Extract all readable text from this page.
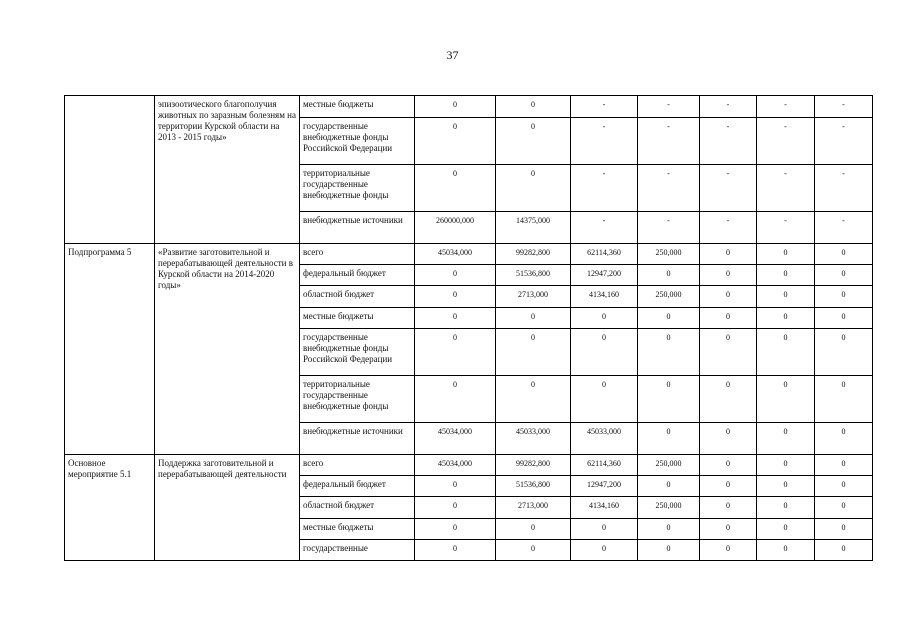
37
	эпизоотического благополучия животных по заразным болезням на территории Курской области на 2013 - 2015 годы»	местные бюджеты	0	0	-	-	-	-	-
		государственные внебюджетные фонды Российской Федерации	0	0	-	-	-	-	-
		территориальные государственные внебюджетные фонды	0	0	-	-	-	-	-
		внебюджетные источники	260000,000	14375,000	-	-	-	-	-
Подпрограмма 5	«Развитие заготовительной и перерабатывающей деятельности в Курской области на 2014-2020 годы»	всего	45034,000	99282,800	62114,360	250,000	0	0	0
		федеральный бюджет	0	51536,800	12947,200	0	0	0	0
		областной бюджет	0	2713,000	4134,160	250,000	0	0	0
		местные бюджеты	0	0	0	0	0	0	0
		государственные внебюджетные фонды Российской Федерации	0	0	0	0	0	0	0
		территориальные государственные внебюджетные фонды	0	0	0	0	0	0	0
		внебюджетные источники	45034,000	45033,000	45033,000	0	0	0	0
Основное мероприятие 5.1	Поддержка заготовительной и перерабатывающей деятельности	всего	45034,000	99282,800	62114,360	250,000	0	0	0
		федеральный бюджет	0	51536,800	12947,200	0	0	0	0
		областной бюджет	0	2713,000	4134,160	250,000	0	0	0
		местные бюджеты	0	0	0	0	0	0	0
		государственные	0	0	0	0	0	0	0
